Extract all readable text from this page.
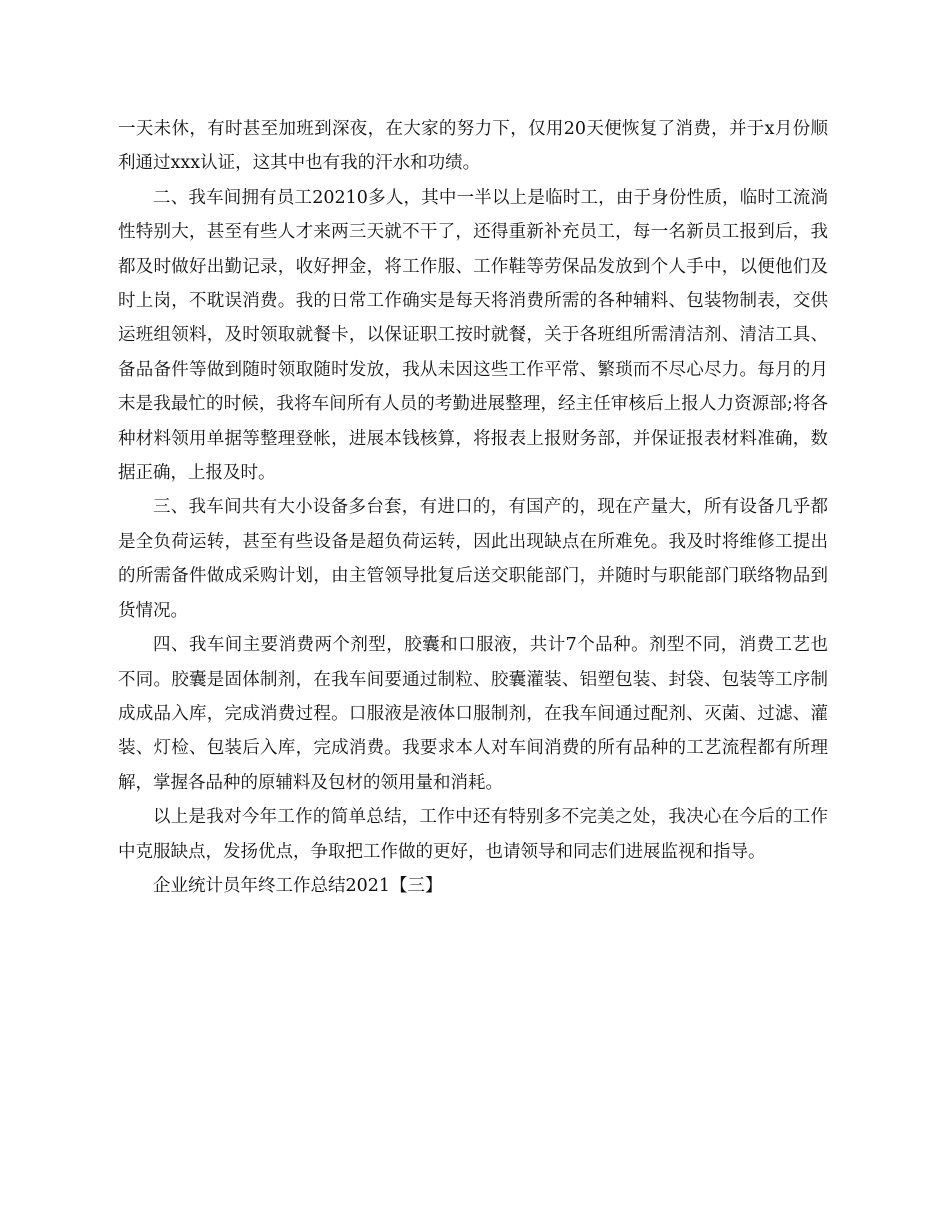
一天未休，有时甚至加班到深夜，在大家的努力下，仅用20天便恢复了消费，并于x月份顺利通过xxx认证，这其中也有我的汗水和功绩。

二、我车间拥有员工20210多人，其中一半以上是临时工，由于身份性质，临时工流淌性特别大，甚至有些人才来两三天就不干了，还得重新补充员工，每一名新员工报到后，我都及时做好出勤记录，收好押金，将工作服、工作鞋等劳保品发放到个人手中，以便他们及时上岗，不耽误消费。我的日常工作确实是每天将消费所需的各种辅料、包装物制表，交供运班组领料，及时领取就餐卡，以保证职工按时就餐，关于各班组所需清洁剂、清洁工具、备品备件等做到随时领取随时发放，我从未因这些工作平常、繁琐而不尽心尽力。每月的月末是我最忙的时候，我将车间所有人员的考勤进展整理，经主任审核后上报人力资源部;将各种材料领用单据等整理登帐，进展本钱核算，将报表上报财务部，并保证报表材料准确，数据正确，上报及时。

三、我车间共有大小设备多台套，有进口的，有国产的，现在产量大，所有设备几乎都是全负荷运转，甚至有些设备是超负荷运转，因此出现缺点在所难免。我及时将维修工提出的所需备件做成采购计划，由主管领导批复后送交职能部门，并随时与职能部门联络物品到货情况。

四、我车间主要消费两个剂型，胶囊和口服液，共计7个品种。剂型不同，消费工艺也不同。胶囊是固体制剂，在我车间要通过制粒、胶囊灌装、铝塑包装、封袋、包装等工序制成成品入库，完成消费过程。口服液是液体口服制剂，在我车间通过配剂、灭菌、过滤、灌装、灯检、包装后入库，完成消费。我要求本人对车间消费的所有品种的工艺流程都有所理解，掌握各品种的原辅料及包材的领用量和消耗。

以上是我对今年工作的简单总结，工作中还有特别多不完美之处，我决心在今后的工作中克服缺点，发扬优点，争取把工作做的更好，也请领导和同志们进展监视和指导。

企业统计员年终工作总结2021【三】
